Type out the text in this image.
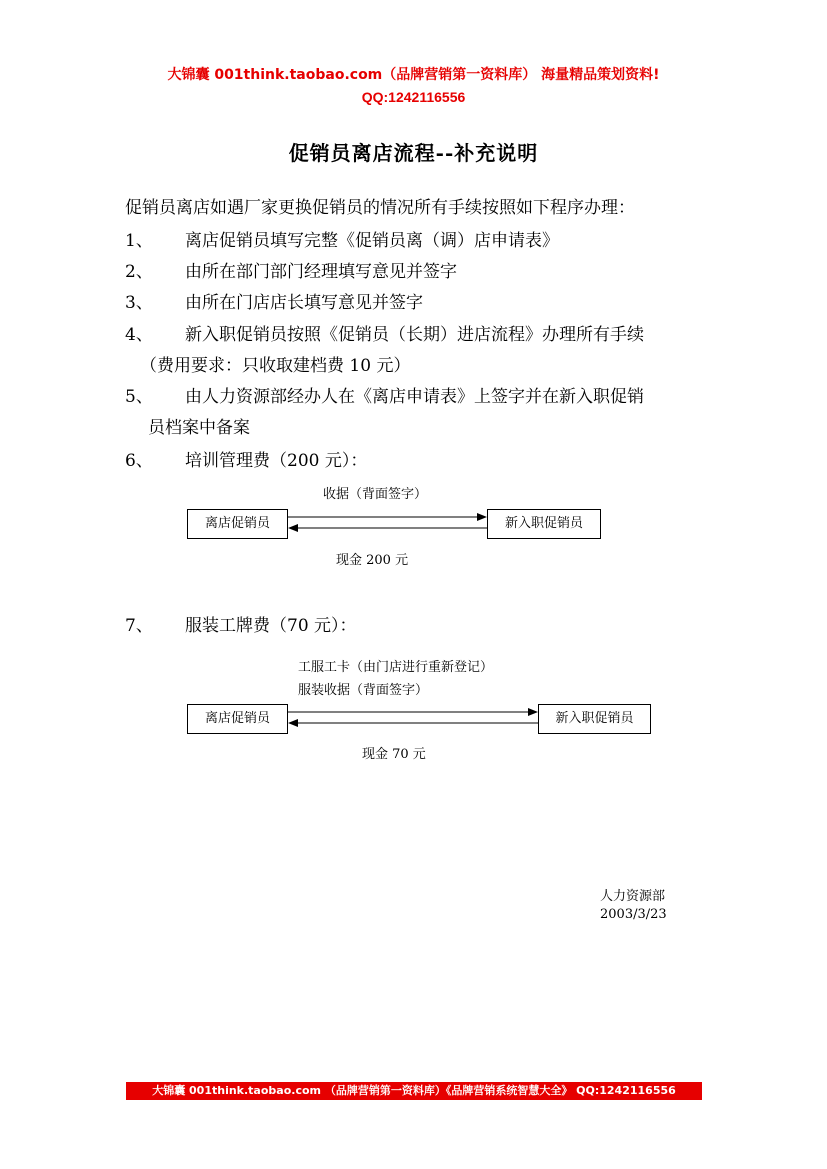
大锦囊 001think.taobao.com（品牌营销第一资料库） 海量精品策划资料!
QQ:1242116556
促销员离店流程--补充说明
促销员离店如遇厂家更换促销员的情况所有手续按照如下程序办理：
1、 离店促销员填写完整《促销员离（调）店申请表》
2、 由所在部门部门经理填写意见并签字
3、 由所在门店店长填写意见并签字
4、 新入职促销员按照《促销员（长期）进店流程》办理所有手续
（费用要求：只收取建档费 10 元）
5、 由人力资源部经办人在《离店申请表》上签字并在新入职促销
员档案中备案
6、 培训管理费（200 元）：
收据（背面签字）
离店促销员	新入职促销员
现金 200 元
7、 服装工牌费（70 元）：
工服工卡（由门店进行重新登记）
服装收据（背面签字）
离店促销员	新入职促销员
现金 70 元
人力资源部
2003/3/23
大锦囊 001think.taobao.com （品牌营销第一资料库）《品牌营销系统智慧大全》 QQ:1242116556
